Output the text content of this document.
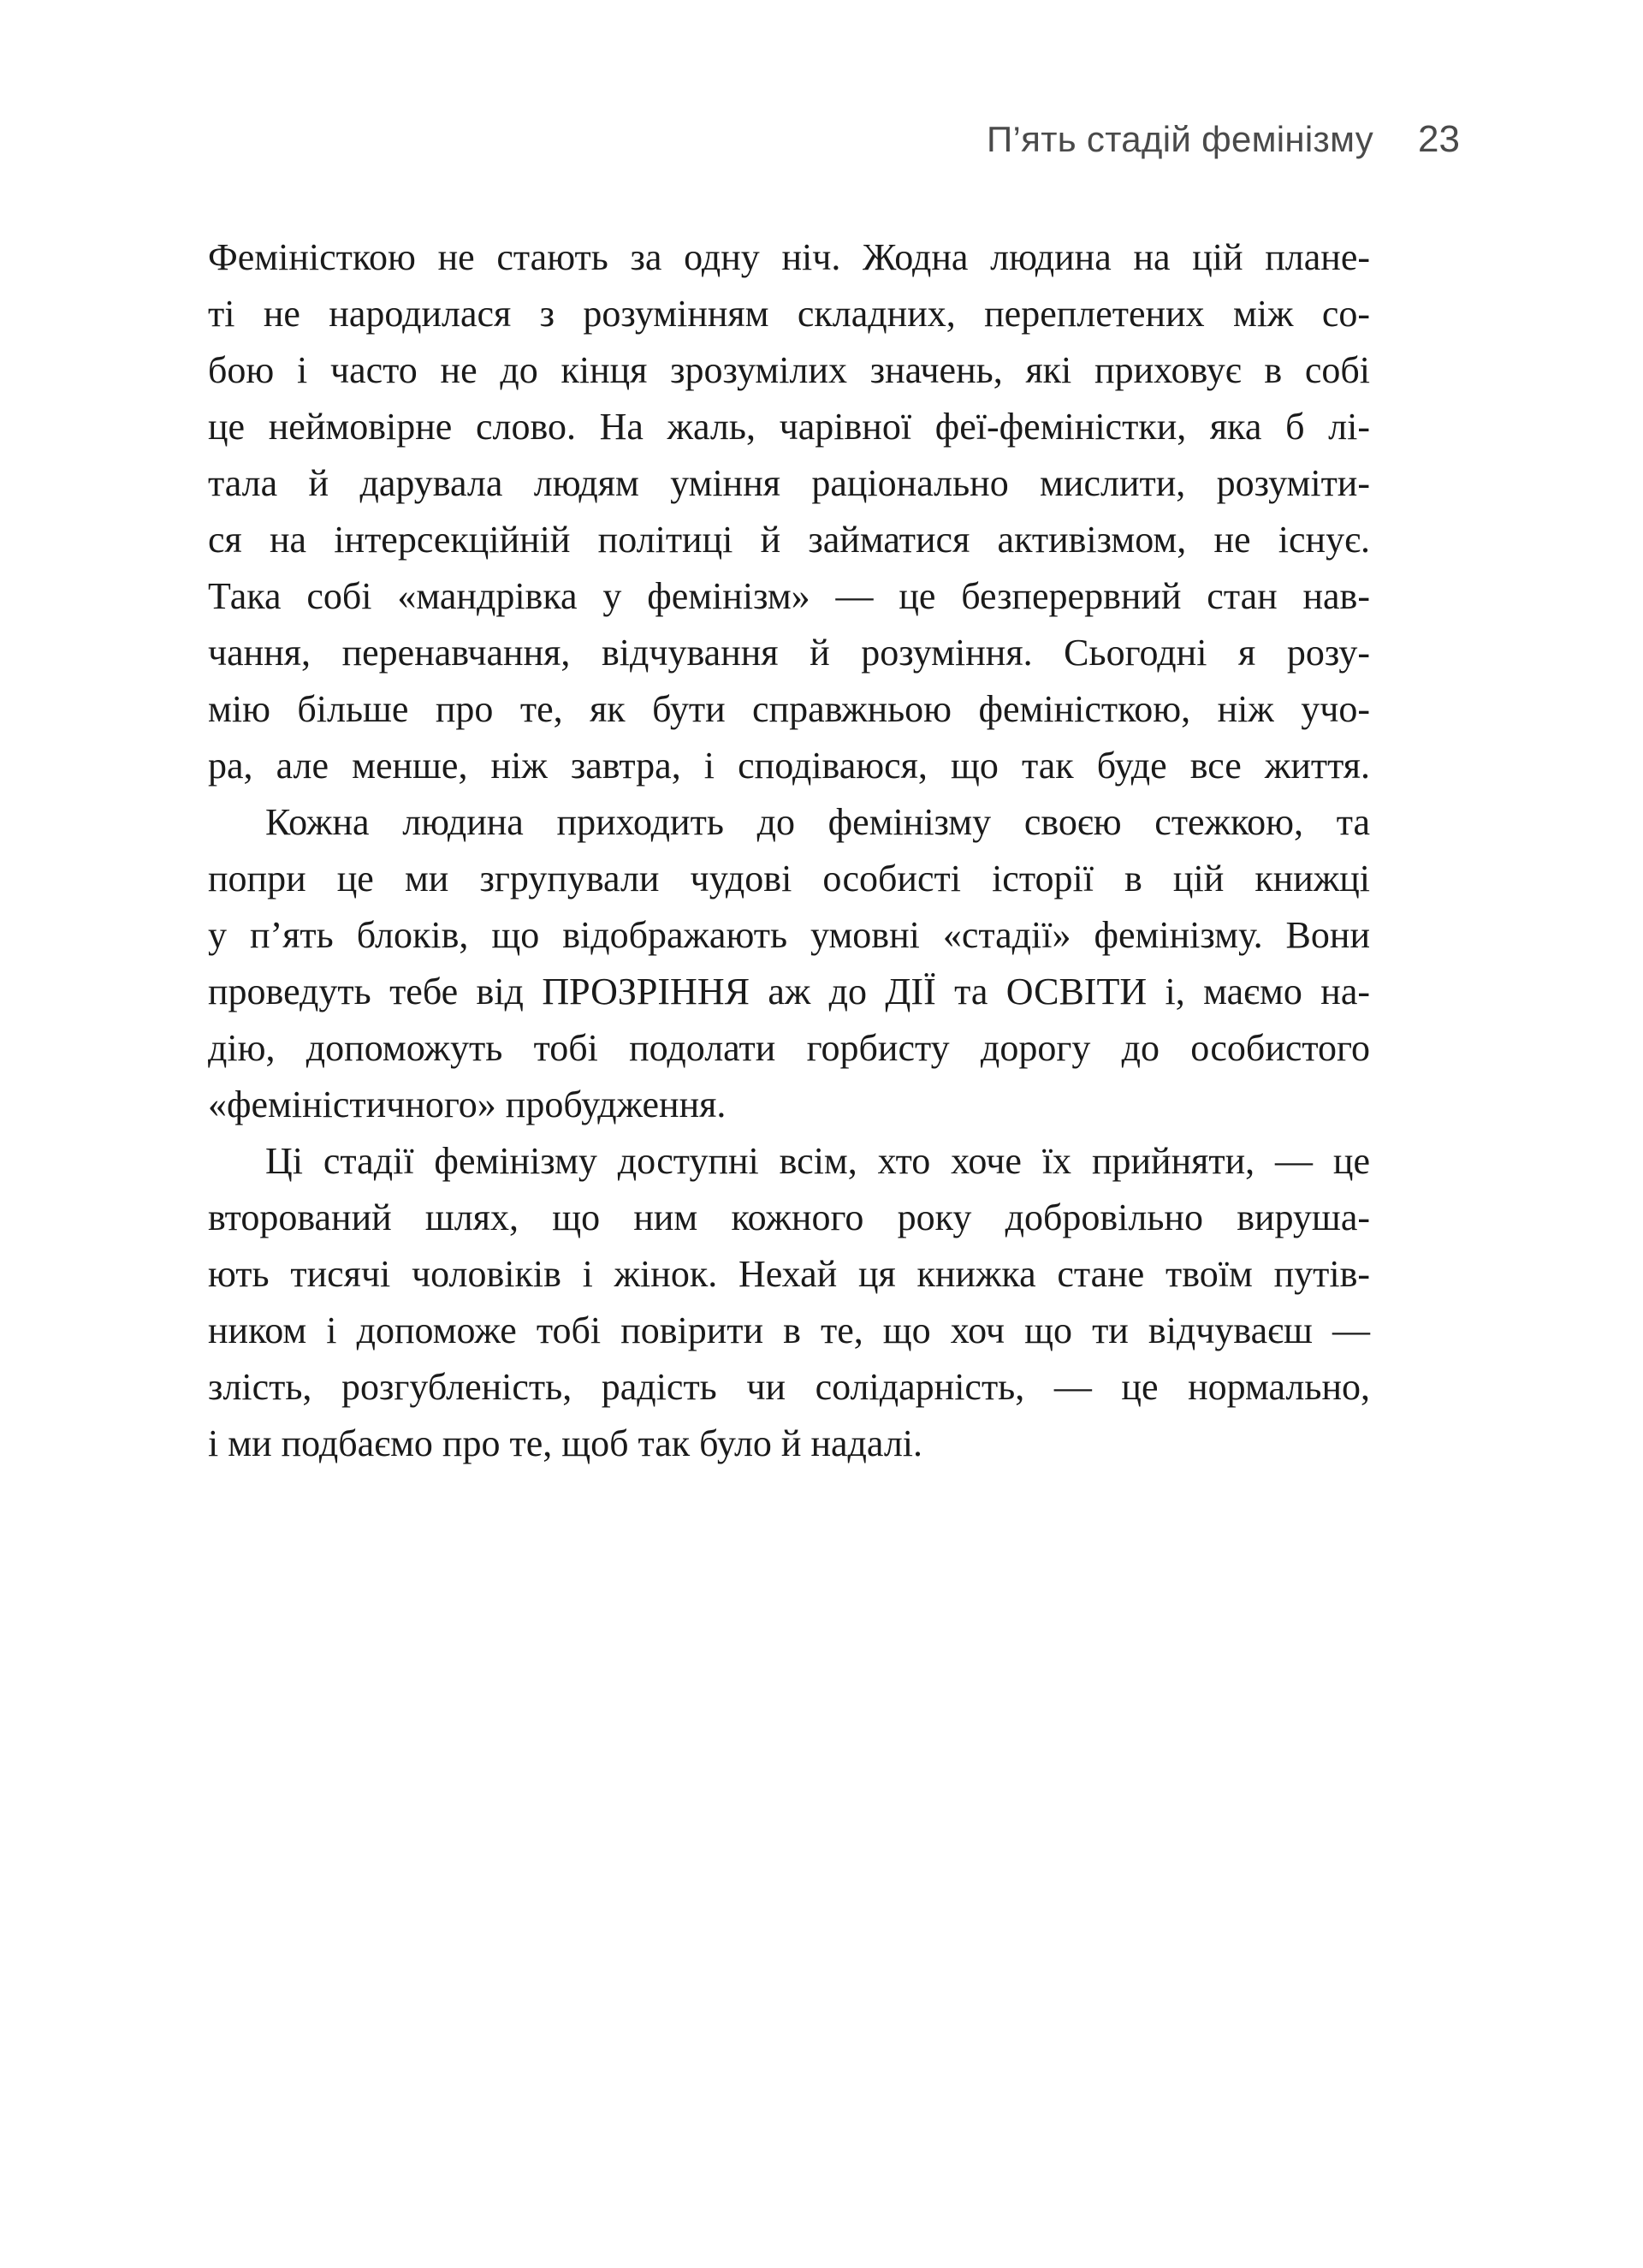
П’ять стадій фемінізму 23
Феміністкою не стають за одну ніч. Жодна людина на цій плане-
ті не народилася з розумінням складних, переплетених між со-
бою і часто не до кінця зрозумілих значень, які приховує в собі
це неймовірне слово. На жаль, чарівної феї-феміністки, яка б лі-
тала й дарувала людям уміння раціонально мислити, розуміти-
ся на інтерсекційній політиці й займатися активізмом, не існує.
Така собі «мандрівка у фемінізм» — це безперервний стан нав-
чання, перенавчання, відчування й розуміння. Сьогодні я розу-
мію більше про те, як бути справжньою феміністкою, ніж учо-
ра, але менше, ніж завтра, і сподіваюся, що так буде все життя.
Кожна людина приходить до фемінізму своєю стежкою, та
попри це ми згрупували чудові особисті історії в цій книжці
у п’ять блоків, що відображають умовні «стадії» фемінізму. Вони
проведуть тебе від ПРОЗРІННЯ аж до ДІЇ та ОСВІТИ і, маємо на-
дію, допоможуть тобі подолати горбисту дорогу до особистого
«феміністичного» пробудження.
Ці стадії фемінізму доступні всім, хто хоче їх прийняти, — це
вторований шлях, що ним кожного року добровільно вируша-
ють тисячі чоловіків і жінок. Нехай ця книжка стане твоїм путів-
ником і допоможе тобі повірити в те, що хоч що ти відчуваєш —
злість, розгубленість, радість чи солідарність, — це нормально,
і ми подбаємо про те, щоб так було й надалі.
